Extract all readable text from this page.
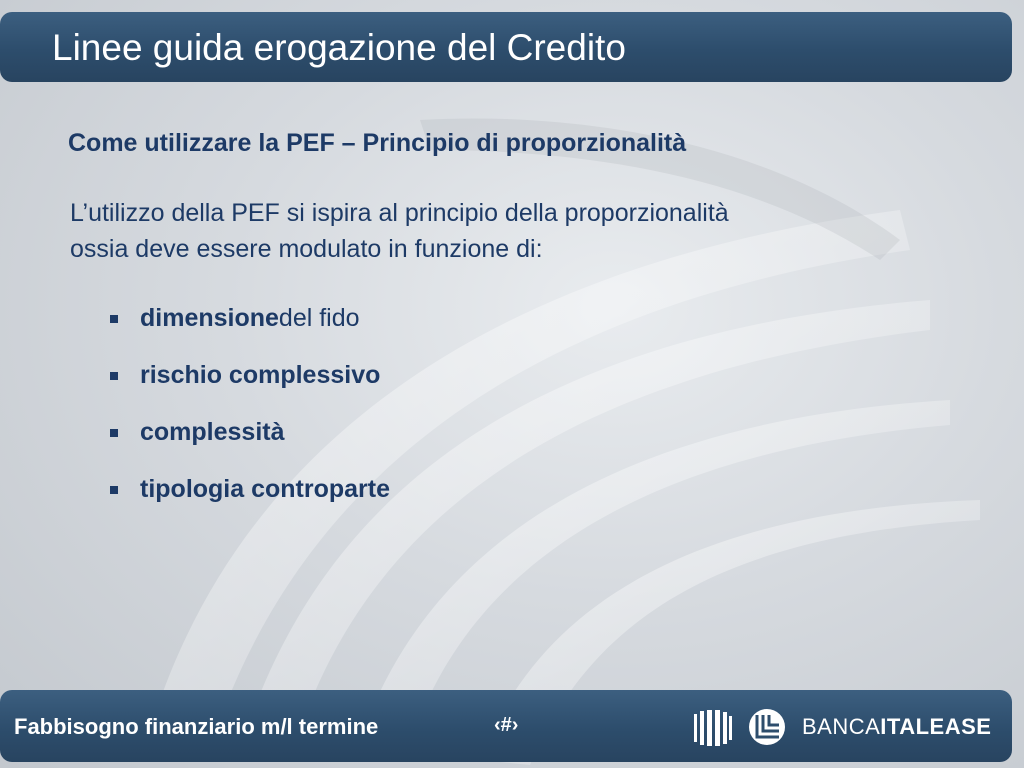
Linee guida erogazione del Credito
Come utilizzare la PEF – Principio di proporzionalità
L’utilizzo della PEF si ispira al principio della proporzionalità
ossia deve essere modulato in funzione di:
dimensione del fido
rischio complessivo
complessità
tipologia controparte
Fabbisogno finanziario m/l termine	‹#›	BANCAITALEASE
